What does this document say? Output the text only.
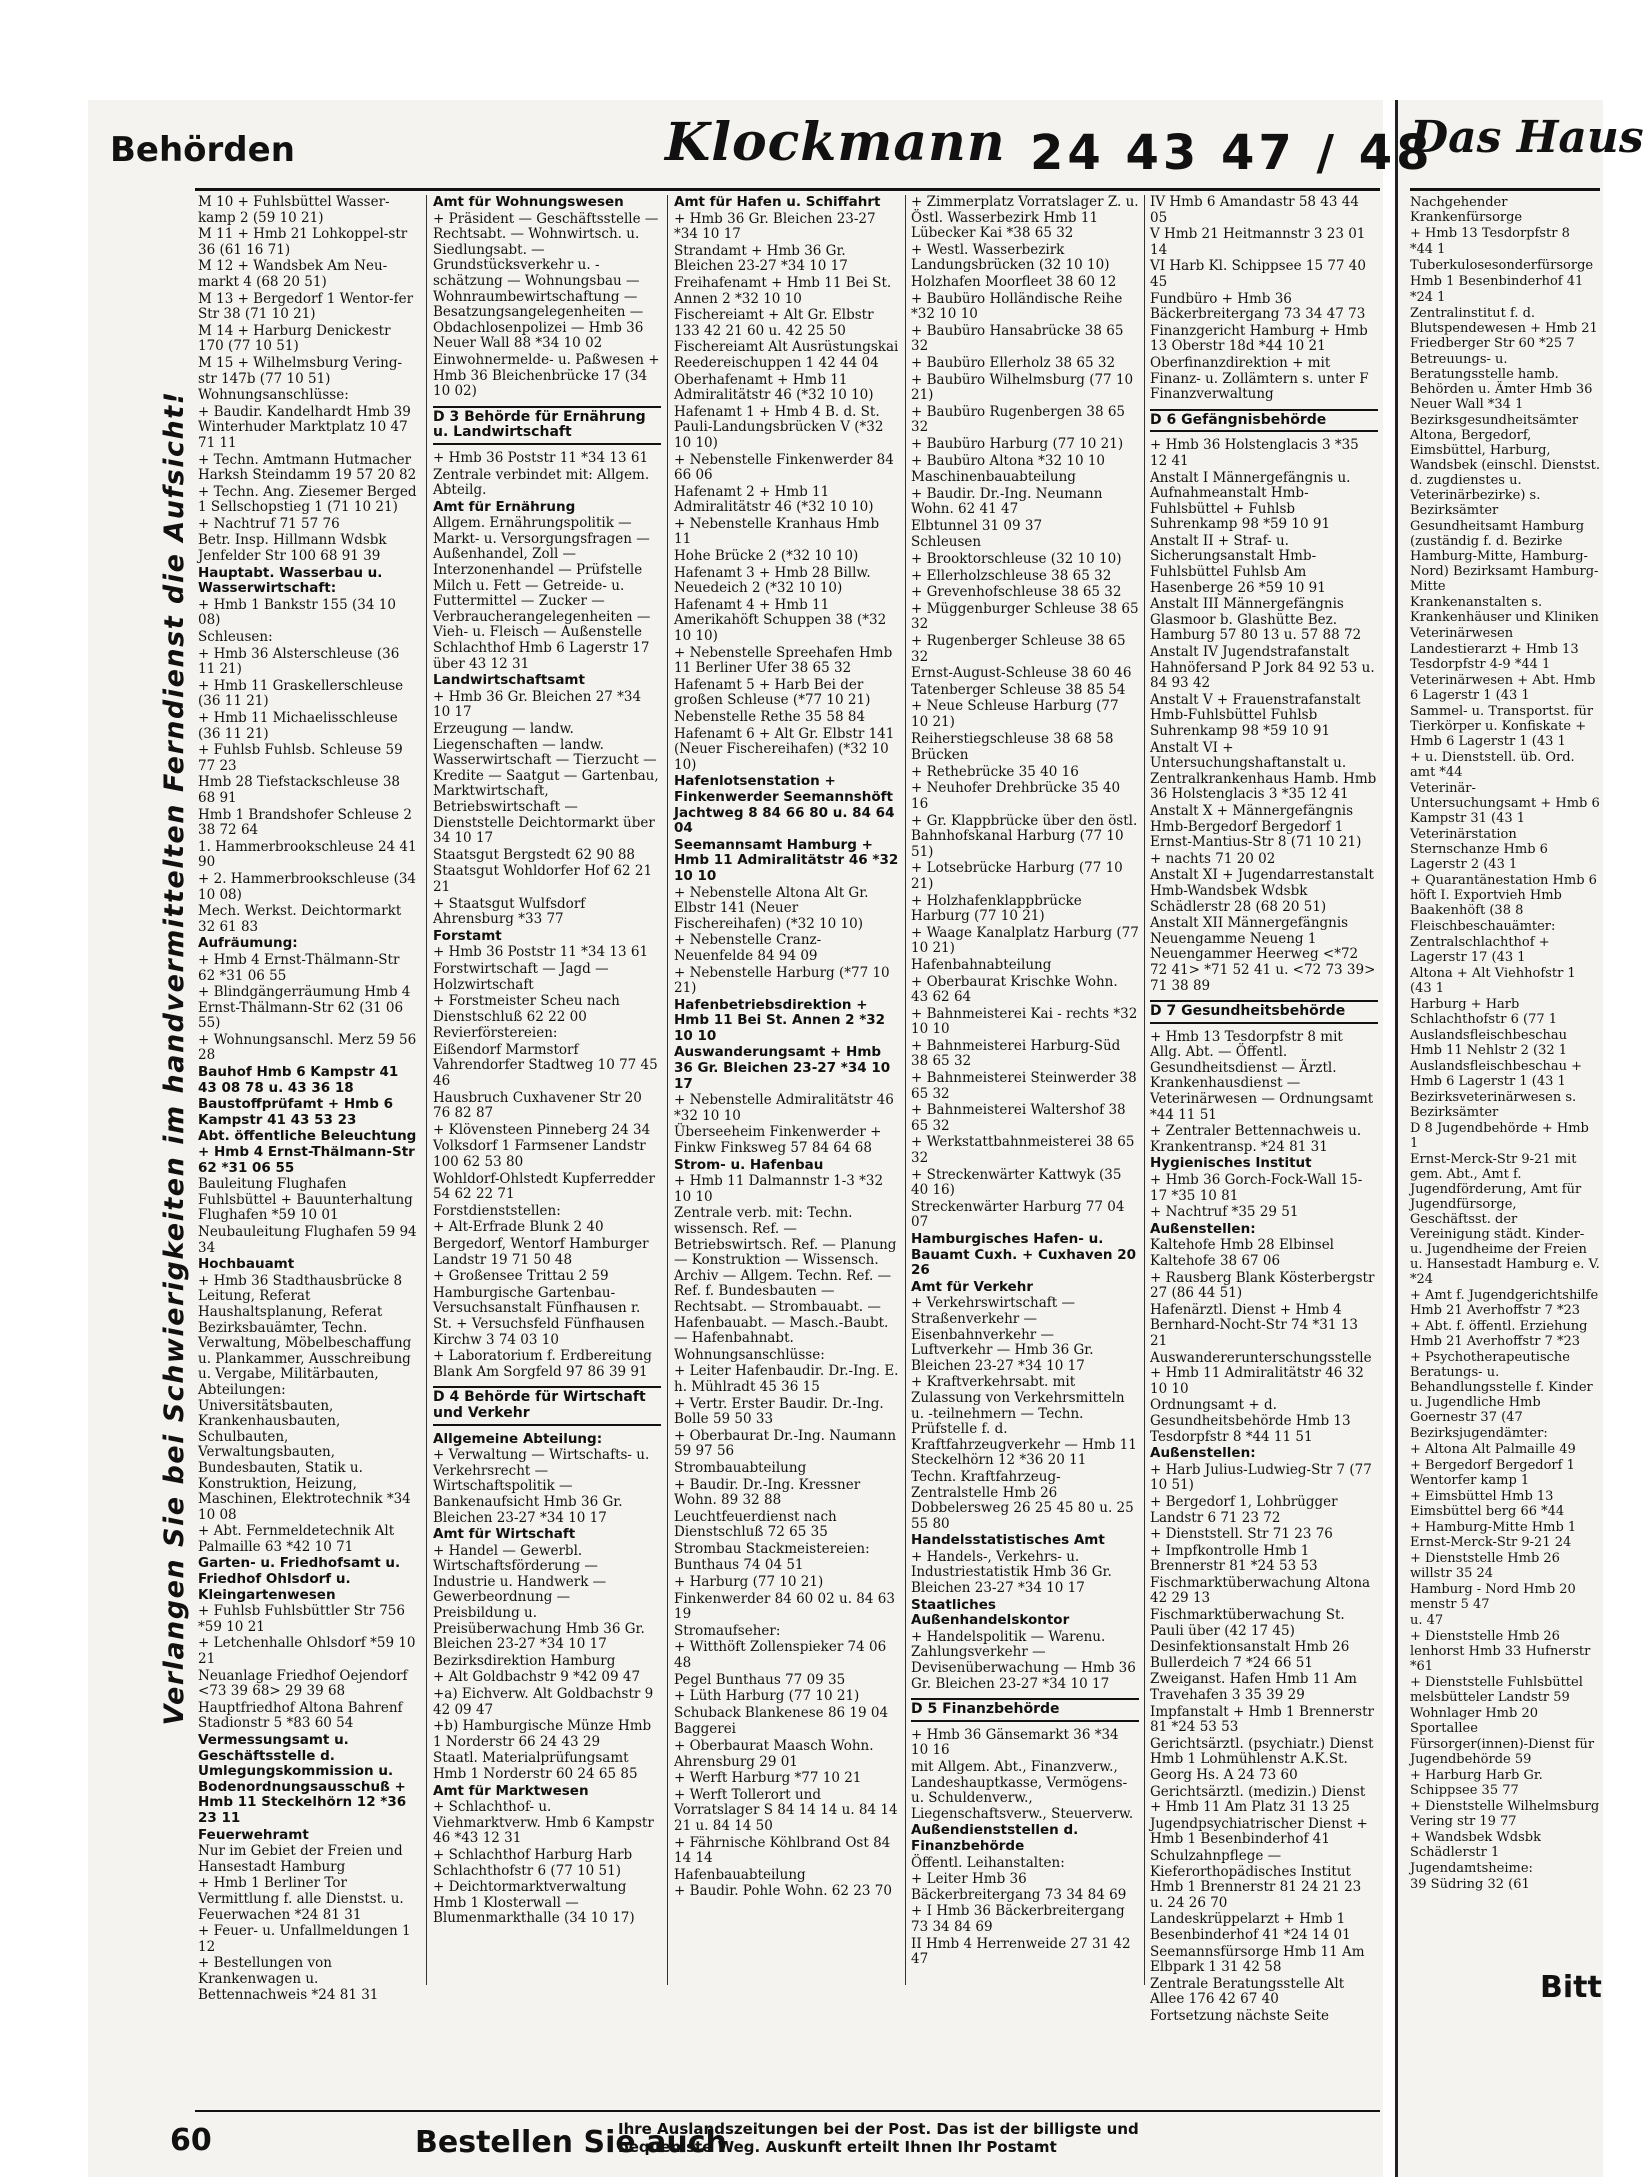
Behörden	Klockmann 24 43 47 / 48
Verlangen Sie bei Schwierigkeiten im handvermittelten Ferndienst die Aufsicht!
M 10 + Fuhlsbüttel Wasser-kamp 2 (59 10 21)
M 11 + Hmb 21 Lohkoppel-str 36 (61 16 71)
M 12 + Wandsbek Am Neu-markt 4 (68 20 51)
M 13 + Bergedorf 1 Wentor-fer Str 38 (71 10 21)
M 14 + Harburg Denickestr 170 (77 10 51)
M 15 + Wilhelmsburg Vering-str 147b (77 10 51)
Wohnungsanschlüsse:
+ Baudir. Kandelhardt Hmb 39 Winterhuder Marktplatz 10 47 71 11
+ Techn. Amtmann Hutmacher Harksh Steindamm 19 57 20 82
+ Techn. Ang. Ziesemer Berged 1 Sellschopstieg 1 (71 10 21)
+ Nachtruf 71 57 76
Betr. Insp. Hillmann Wdsbk Jenfelder Str 100 68 91 39
Hauptabt. Wasserbau u. Wasserwirtschaft:
+ Hmb 1 Bankstr 155 (34 10 08)
Schleusen:
+ Hmb 36 Alsterschleuse (36 11 21)
+ Hmb 11 Graskellerschleuse (36 11 21)
+ Hmb 11 Michaelisschleuse (36 11 21)
+ Fuhlsb Fuhlsb. Schleuse 59 77 23
Hmb 28 Tiefstackschleuse 38 68 91
Hmb 1 Brandshofer Schleuse 2 38 72 64
1. Hammerbrookschleuse 24 41 90
+ 2. Hammerbrookschleuse (34 10 08)
Mech. Werkst. Deichtormarkt 32 61 83
Aufräumung:
+ Hmb 4 Ernst-Thälmann-Str 62 *31 06 55
+ Blindgängerräumung Hmb 4 Ernst-Thälmann-Str 62 (31 06 55)
+ Wohnungsanschl. Merz 59 56 28
Bauhof Hmb 6 Kampstr 41 43 08 78 u. 43 36 18
Baustoffprüfamt + Hmb 6 Kampstr 41 43 53 23
Abt. öffentliche Beleuchtung + Hmb 4 Ernst-Thälmann-Str 62 *31 06 55
Bauleitung Flughafen Fuhlsbüttel + Bauunterhaltung Flughafen *59 10 01
Neubauleitung Flughafen 59 94 34
Hochbauamt
+ Hmb 36 Stadthausbrücke 8 Leitung, Referat Haushaltsplanung, Referat Bezirksbauämter, Techn. Verwaltung, Möbelbeschaffung u. Plankammer, Ausschreibung u. Vergabe, Militärbauten, Abteilungen: Universitätsbauten, Krankenhausbauten, Schulbauten, Verwaltungsbauten, Bundesbauten, Statik u. Konstruktion, Heizung, Maschinen, Elektrotechnik *34 10 08
+ Abt. Fernmeldetechnik Alt Palmaille 63 *42 10 71
Garten- u. Friedhofsamt u. Friedhof Ohlsdorf u. Kleingartenwesen
+ Fuhlsb Fuhlsbüttler Str 756 *59 10 21
+ Letchenhalle Ohlsdorf *59 10 21
Neuanlage Friedhof Oejendorf <73 39 68> 29 39 68
Hauptfriedhof Altona Bahrenf Stadionstr 5 *83 60 54
Vermessungsamt u. Geschäftsstelle d. Umlegungskommission u. Bodenordnungsausschuß + Hmb 11 Steckelhörn 12 *36 23 11
Feuerwehramt
Nur im Gebiet der Freien und Hansestadt Hamburg
+ Hmb 1 Berliner Tor Vermittlung f. alle Dienstst. u. Feuerwachen *24 81 31
+ Feuer- u. Unfallmeldungen 1 12
+ Bestellungen von Krankenwagen u. Bettennachweis *24 81 31
Amt für Wohnungswesen
+ Präsident — Geschäftsstelle — Rechtsabt. — Wohnwirtsch. u. Siedlungsabt. — Grundstücksverkehr u. -schätzung — Wohnungsbau — Wohnraumbewirtschaftung — Besatzungsangelegenheiten — Obdachlosenpolizei — Hmb 36 Neuer Wall 88 *34 10 02
Einwohnermelde- u. Paßwesen + Hmb 36 Bleichenbrücke 17 (34 10 02)
D 3 Behörde für Ernährung u. Landwirtschaft
+ Hmb 36 Poststr 11 *34 13 61
Zentrale verbindet mit: Allgem. Abteilg.
Amt für Ernährung
Allgem. Ernährungspolitik — Markt- u. Versorgungsfragen — Außenhandel, Zoll — Interzonenhandel — Prüfstelle Milch u. Fett — Getreide- u. Futtermittel — Zucker — Verbraucherangelegenheiten — Vieh- u. Fleisch — Außenstelle Schlachthof Hmb 6 Lagerstr 17 über 43 12 31
Landwirtschaftsamt
+ Hmb 36 Gr. Bleichen 27 *34 10 17
Erzeugung — landw. Liegenschaften — landw. Wasserwirtschaft — Tierzucht — Kredite — Saatgut — Gartenbau, Marktwirtschaft, Betriebswirtschaft — Dienststelle Deichtormarkt über 34 10 17
Staatsgut Bergstedt 62 90 88
Staatsgut Wohldorfer Hof 62 21 21
+ Staatsgut Wulfsdorf Ahrensburg *33 77
Forstamt
+ Hmb 36 Poststr 11 *34 13 61
Forstwirtschaft — Jagd — Holzwirtschaft
+ Forstmeister Scheu nach Dienstschluß 62 22 00
Revierförstereien:
Eißendorf Marmstorf Vahrendorfer Stadtweg 10 77 45 46
Hausbruch Cuxhavener Str 20 76 82 87
+ Klövensteen Pinneberg 24 34
Volksdorf 1 Farmsener Landstr 100 62 53 80
Wohldorf-Ohlstedt Kupferredder 54 62 22 71
Forstdienststellen:
+ Alt-Erfrade Blunk 2 40
Bergedorf, Wentorf Hamburger Landstr 19 71 50 48
+ Großensee Trittau 2 59
Hamburgische Gartenbau-Versuchsanstalt Fünfhausen r. St. + Versuchsfeld Fünfhausen Kirchw 3 74 03 10
+ Laboratorium f. Erdbereitung Blank Am Sorgfeld 97 86 39 91
D 4 Behörde für Wirtschaft und Verkehr
Allgemeine Abteilung:
+ Verwaltung — Wirtschafts- u. Verkehrsrecht — Wirtschaftspolitik — Bankenaufsicht Hmb 36 Gr. Bleichen 23-27 *34 10 17
Amt für Wirtschaft
+ Handel — Gewerbl. Wirtschaftsförderung — Industrie u. Handwerk — Gewerbeordnung — Preisbildung u. Preisüberwachung Hmb 36 Gr. Bleichen 23-27 *34 10 17
Bezirksdirektion Hamburg
+ Alt Goldbachstr 9 *42 09 47
+a) Eichverw. Alt Goldbachstr 9 42 09 47
+b) Hamburgische Münze Hmb 1 Norderstr 66 24 43 29
Staatl. Materialprüfungsamt Hmb 1 Norderstr 60 24 65 85
Amt für Marktwesen
+ Schlachthof- u. Viehmarktverw. Hmb 6 Kampstr 46 *43 12 31
+ Schlachthof Harburg Harb Schlachthofstr 6 (77 10 51)
+ Deichtormarktverwaltung Hmb 1 Klosterwall — Blumenmarkthalle (34 10 17)
Amt für Hafen u. Schiffahrt
+ Hmb 36 Gr. Bleichen 23-27 *34 10 17
Strandamt + Hmb 36 Gr. Bleichen 23-27 *34 10 17
Freihafenamt + Hmb 11 Bei St. Annen 2 *32 10 10
Fischereiamt + Alt Gr. Elbstr 133 42 21 60 u. 42 25 50
Fischereiamt Alt Ausrüstungskai Reedereischuppen 1 42 44 04
Oberhafenamt + Hmb 11 Admiralitätstr 46 (*32 10 10)
Hafenamt 1 + Hmb 4 B. d. St. Pauli-Landungsbrücken V (*32 10 10)
+ Nebenstelle Finkenwerder 84 66 06
Hafenamt 2 + Hmb 11 Admiralitätstr 46 (*32 10 10)
+ Nebenstelle Kranhaus Hmb 11
Hohe Brücke 2 (*32 10 10)
Hafenamt 3 + Hmb 28 Billw. Neuedeich 2 (*32 10 10)
Hafenamt 4 + Hmb 11 Amerikahöft Schuppen 38 (*32 10 10)
+ Nebenstelle Spreehafen Hmb 11 Berliner Ufer 38 65 32
Hafenamt 5 + Harb Bei der großen Schleuse (*77 10 21)
Nebenstelle Rethe 35 58 84
Hafenamt 6 + Alt Gr. Elbstr 141 (Neuer Fischereihafen) (*32 10 10)
Hafenlotsenstation + Finkenwerder Seemannshöft Jachtweg 8 84 66 80 u. 84 64 04
Seemannsamt Hamburg + Hmb 11 Admiralitätstr 46 *32 10 10
+ Nebenstelle Altona Alt Gr. Elbstr 141 (Neuer Fischereihafen) (*32 10 10)
+ Nebenstelle Cranz-Neuenfelde 84 94 09
+ Nebenstelle Harburg (*77 10 21)
Hafenbetriebsdirektion + Hmb 11 Bei St. Annen 2 *32 10 10
Auswanderungsamt + Hmb 36 Gr. Bleichen 23-27 *34 10 17
+ Nebenstelle Admiralitätstr 46 *32 10 10
Überseeheim Finkenwerder + Finkw Finksweg 57 84 64 68
Strom- u. Hafenbau
+ Hmb 11 Dalmannstr 1-3 *32 10 10
Zentrale verb. mit: Techn. wissensch. Ref. — Betriebswirtsch. Ref. — Planung — Konstruktion — Wissensch. Archiv — Allgem. Techn. Ref. — Ref. f. Bundesbauten — Rechtsabt. — Strombauabt. — Hafenbauabt. — Masch.-Baubt. — Hafenbahnabt.
Wohnungsanschlüsse:
+ Leiter Hafenbaudir. Dr.-Ing. E. h. Mühlradt 45 36 15
+ Vertr. Erster Baudir. Dr.-Ing. Bolle 59 50 33
+ Oberbaurat Dr.-Ing. Naumann 59 97 56
Strombauabteilung
+ Baudir. Dr.-Ing. Kressner Wohn. 89 32 88
Leuchtfeuerdienst nach Dienstschluß 72 65 35
Strombau Stackmeistereien:
Bunthaus 74 04 51
+ Harburg (77 10 21)
Finkenwerder 84 60 02 u. 84 63 19
Stromaufseher:
+ Witthöft Zollenspieker 74 06 48
Pegel Bunthaus 77 09 35
+ Lüth Harburg (77 10 21)
Schuback Blankenese 86 19 04
Baggerei
+ Oberbaurat Maasch Wohn. Ahrensburg 29 01
+ Werft Harburg *77 10 21
+ Werft Tollerort und Vorratslager S 84 14 14 u. 84 14 21 u. 84 14 50
+ Fährnische Köhlbrand Ost 84 14 14
Hafenbauabteilung
+ Baudir. Pohle Wohn. 62 23 70
+ Zimmerplatz Vorratslager Z. u. Östl. Wasserbezirk Hmb 11 Lübecker Kai *38 65 32
+ Westl. Wasserbezirk Landungsbrücken (32 10 10)
Holzhafen Moorfleet 38 60 12
+ Baubüro Holländische Reihe *32 10 10
+ Baubüro Hansabrücke 38 65 32
+ Baubüro Ellerholz 38 65 32
+ Baubüro Wilhelmsburg (77 10 21)
+ Baubüro Rugenbergen 38 65 32
+ Baubüro Harburg (77 10 21)
+ Baubüro Altona *32 10 10
Maschinenbauabteilung
+ Baudir. Dr.-Ing. Neumann Wohn. 62 41 47
Elbtunnel 31 09 37
Schleusen
+ Brooktorschleuse (32 10 10)
+ Ellerholzschleuse 38 65 32
+ Grevenhofschleuse 38 65 32
+ Müggenburger Schleuse 38 65 32
+ Rugenberger Schleuse 38 65 32
Ernst-August-Schleuse 38 60 46
Tatenberger Schleuse 38 85 54
+ Neue Schleuse Harburg (77 10 21)
Reiherstiegschleuse 38 68 58
Brücken
+ Rethebrücke 35 40 16
+ Neuhofer Drehbrücke 35 40 16
+ Gr. Klappbrücke über den östl. Bahnhofskanal Harburg (77 10 51)
+ Lotsebrücke Harburg (77 10 21)
+ Holzhafenklappbrücke Harburg (77 10 21)
+ Waage Kanalplatz Harburg (77 10 21)
Hafenbahnabteilung
+ Oberbaurat Krischke Wohn. 43 62 64
+ Bahnmeisterei Kai - rechts *32 10 10
+ Bahnmeisterei Harburg-Süd 38 65 32
+ Bahnmeisterei Steinwerder 38 65 32
+ Bahnmeisterei Waltershof 38 65 32
+ Werkstattbahnmeisterei 38 65 32
+ Streckenwärter Kattwyk (35 40 16)
Streckenwärter Harburg 77 04 07
Hamburgisches Hafen- u. Bauamt Cuxh. + Cuxhaven 20 26
Amt für Verkehr
+ Verkehrswirtschaft — Straßenverkehr — Eisenbahnverkehr — Luftverkehr — Hmb 36 Gr. Bleichen 23-27 *34 10 17
+ Kraftverkehrsabt. mit Zulassung von Verkehrsmitteln u. -teilnehmern — Techn. Prüfstelle f. d. Kraftfahrzeugverkehr — Hmb 11 Steckelhörn 12 *36 20 11
Techn. Kraftfahrzeug-Zentralstelle Hmb 26 Dobbelersweg 26 25 45 80 u. 25 55 80
Handelsstatistisches Amt
+ Handels-, Verkehrs- u. Industriestatistik Hmb 36 Gr. Bleichen 23-27 *34 10 17
Staatliches Außenhandelskontor
+ Handelspolitik — Warenu. Zahlungsverkehr — Devisenüberwachung — Hmb 36 Gr. Bleichen 23-27 *34 10 17
D 5 Finanzbehörde
+ Hmb 36 Gänsemarkt 36 *34 10 16
mit Allgem. Abt., Finanzverw., Landeshauptkasse, Vermögens- u. Schuldenverw., Liegenschaftsverw., Steuerverw.
Außendienststellen d. Finanzbehörde
Öffentl. Leihanstalten:
+ Leiter Hmb 36 Bäckerbreitergang 73 34 84 69
+ I Hmb 36 Bäckerbreitergang 73 34 84 69
II Hmb 4 Herrenweide 27 31 42 47
IV Hmb 6 Amandastr 58 43 44 05
V Hmb 21 Heitmannstr 3 23 01 14
VI Harb Kl. Schippsee 15 77 40 45
Fundbüro + Hmb 36 Bäckerbreitergang 73 34 47 73
Finanzgericht Hamburg + Hmb 13 Oberstr 18d *44 10 21
Oberfinanzdirektion + mit Finanz- u. Zollämtern s. unter F Finanzverwaltung
D 6 Gefängnisbehörde
+ Hmb 36 Holstenglacis 3 *35 12 41
Anstalt I Männergefängnis u. Aufnahmeanstalt Hmb-Fuhlsbüttel + Fuhlsb Suhrenkamp 98 *59 10 91
Anstalt II + Straf- u. Sicherungsanstalt Hmb-Fuhlsbüttel Fuhlsb Am Hasenberge 26 *59 10 91
Anstalt III Männergefängnis Glasmoor b. Glashütte Bez. Hamburg 57 80 13 u. 57 88 72
Anstalt IV Jugendstrafanstalt Hahnöfersand P Jork 84 92 53 u. 84 93 42
Anstalt V + Frauenstrafanstalt Hmb-Fuhlsbüttel Fuhlsb Suhrenkamp 98 *59 10 91
Anstalt VI + Untersuchungshaftanstalt u. Zentralkrankenhaus Hamb. Hmb 36 Holstenglacis 3 *35 12 41
Anstalt X + Männergefängnis Hmb-Bergedorf Bergedorf 1 Ernst-Mantius-Str 8 (71 10 21)
+ nachts 71 20 02
Anstalt XI + Jugendarrestanstalt Hmb-Wandsbek Wdsbk Schädlerstr 28 (68 20 51)
Anstalt XII Männergefängnis Neuengamme Neueng 1 Neuengammer Heerweg <*72 72 41> *71 52 41 u. <72 73 39> 71 38 89
D 7 Gesundheitsbehörde
+ Hmb 13 Tesdorpfstr 8 mit Allg. Abt. — Öffentl. Gesundheitsdienst — Ärztl. Krankenhausdienst — Veterinärwesen — Ordnungsamt *44 11 51
+ Zentraler Bettennachweis u. Krankentransp. *24 81 31
Hygienisches Institut
+ Hmb 36 Gorch-Fock-Wall 15-17 *35 10 81
+ Nachtruf *35 29 51
Außenstellen:
Kaltehofe Hmb 28 Elbinsel Kaltehofe 38 67 06
+ Rausberg Blank Kösterbergstr 27 (86 44 51)
Hafenärztl. Dienst + Hmb 4 Bernhard-Nocht-Str 74 *31 13 21
Auswandererunterschungsstelle + Hmb 11 Admiralitätstr 46 32 10 10
Ordnungsamt + d. Gesundheitsbehörde Hmb 13 Tesdorpfstr 8 *44 11 51
Außenstellen:
+ Harb Julius-Ludwieg-Str 7 (77 10 51)
+ Bergedorf 1, Lohbrügger Landstr 6 71 23 72
+ Dienststell. Str 71 23 76
+ Impfkontrolle Hmb 1 Brennerstr 81 *24 53 53
Fischmarktüberwachung Altona 42 29 13
Fischmarktüberwachung St. Pauli über (42 17 45)
Desinfektionsanstalt Hmb 26 Bullerdeich 7 *24 66 51
Zweiganst. Hafen Hmb 11 Am Travehafen 3 35 39 29
Impfanstalt + Hmb 1 Brennerstr 81 *24 53 53
Gerichtsärztl. (psychiatr.) Dienst Hmb 1 Lohmühlenstr A.K.St. Georg Hs. A 24 73 60
Gerichtsärztl. (medizin.) Dienst + Hmb 11 Am Platz 31 13 25
Jugendpsychiatrischer Dienst + Hmb 1 Besenbinderhof 41
Schulzahnpflege — Kieferorthopädisches Institut Hmb 1 Brennerstr 81 24 21 23 u. 24 26 70
Landeskrüppelarzt + Hmb 1 Besenbinderhof 41 *24 14 01
Seemannsfürsorge Hmb 11 Am Elbpark 1 31 42 58
Zentrale Beratungsstelle Alt Allee 176 42 67 40
Fortsetzung nächste Seite
60	Bestellen Sie auch
Ihre Auslandszeitungen bei der Post. Das ist der billigste und bequemste Weg. Auskunft erteilt Ihnen Ihr Postamt
Das Haus
Nachgehender Krankenfürsorge
+ Hmb 13 Tesdorpfstr 8
*44 1
Tuberkulosesonderfürsorge
Hmb 1 Besenbinderhof 41
*24 1
Zentralinstitut f. d. Blutspendewesen + Hmb 21 Friedberger Str 60 *25 7
Betreuungs- u. Beratungsstelle hamb. Behörden u. Ämter Hmb 36 Neuer Wall *34 1
Bezirksgesundheitsämter Altona, Bergedorf, Eimsbüttel, Harburg, Wandsbek (einschl. Dienstst. d. zugdienstes u. Veterinärbezirke) s. Bezirksämter
Gesundheitsamt Hamburg (zuständig f. d. Bezirke Hamburg-Mitte, Hamburg-Nord) Bezirksamt Hamburg-Mitte
Krankenanstalten s. Krankenhäuser und Kliniken
Veterinärwesen
Landestierarzt + Hmb 13 Tesdorpfstr 4-9 *44 1
Veterinärwesen + Abt. Hmb 6 Lagerstr 1 (43 1
Sammel- u. Transportst. für Tierkörper u. Konfiskate + Hmb 6 Lagerstr 1 (43 1
+ u. Dienststell. üb. Ord. amt *44
Veterinär-Untersuchungsamt + Hmb 6 Kampstr 31 (43 1
Veterinärstation Sternschanze Hmb 6 Lagerstr 2 (43 1
+ Quarantänestation Hmb 6 höft I. Exportvieh Hmb Baakenhöft (38 8
Fleischbeschauämter:
Zentralschlachthof + Lagerstr 17 (43 1
Altona + Alt Viehhofstr 1 (43 1
Harburg + Harb Schlachthofstr 6 (77 1
Auslandsfleischbeschau Hmb 11 Nehlstr 2 (32 1
Auslandsfleischbeschau + Hmb 6 Lagerstr 1 (43 1
Bezirksveterinärwesen s. Bezirksämter
D 8 Jugendbehörde + Hmb 1
Ernst-Merck-Str 9-21 mit gem. Abt., Amt f. Jugendförderung, Amt für Jugendfürsorge, Geschäftsst. der Vereinigung städt. Kinder- u. Jugendheime der Freien u. Hansestadt Hamburg e. V. *24
+ Amt f. Jugendgerichtshilfe Hmb 21 Averhoffstr 7 *23
+ Abt. f. öffentl. Erziehung Hmb 21 Averhoffstr 7 *23
+ Psychotherapeutische Beratungs- u. Behandlungsstelle f. Kinder u. Jugendliche Hmb Goernestr 37 (47
Bezirksjugendämter:
+ Altona Alt Palmaille 49
+ Bergedorf Bergedorf 1 Wentorfer kamp 1
+ Eimsbüttel Hmb 13 Eimsbüttel berg 66 *44
+ Hamburg-Mitte Hmb 1 Ernst-Merck-Str 9-21 24
+ Dienststelle Hmb 26 willstr 35 24
Hamburg - Nord Hmb 20 menstr 5 47
u. 47
+ Dienststelle Hmb 26 lenhorst Hmb 33 Hufnerstr *61
+ Dienststelle Fuhlsbüttel melsbütteler Landstr 59
Wohnlager Hmb 20 Sportallee
Fürsorger(innen)-Dienst für Jugendbehörde 59
+ Harburg Harb Gr. Schippsee 35 77
+ Dienststelle Wilhelmsburg Vering str 19 77
+ Wandsbek Wdsbk Schädlerstr 1
Jugendamtsheime:
39 Südring 32 (61
Bitt
